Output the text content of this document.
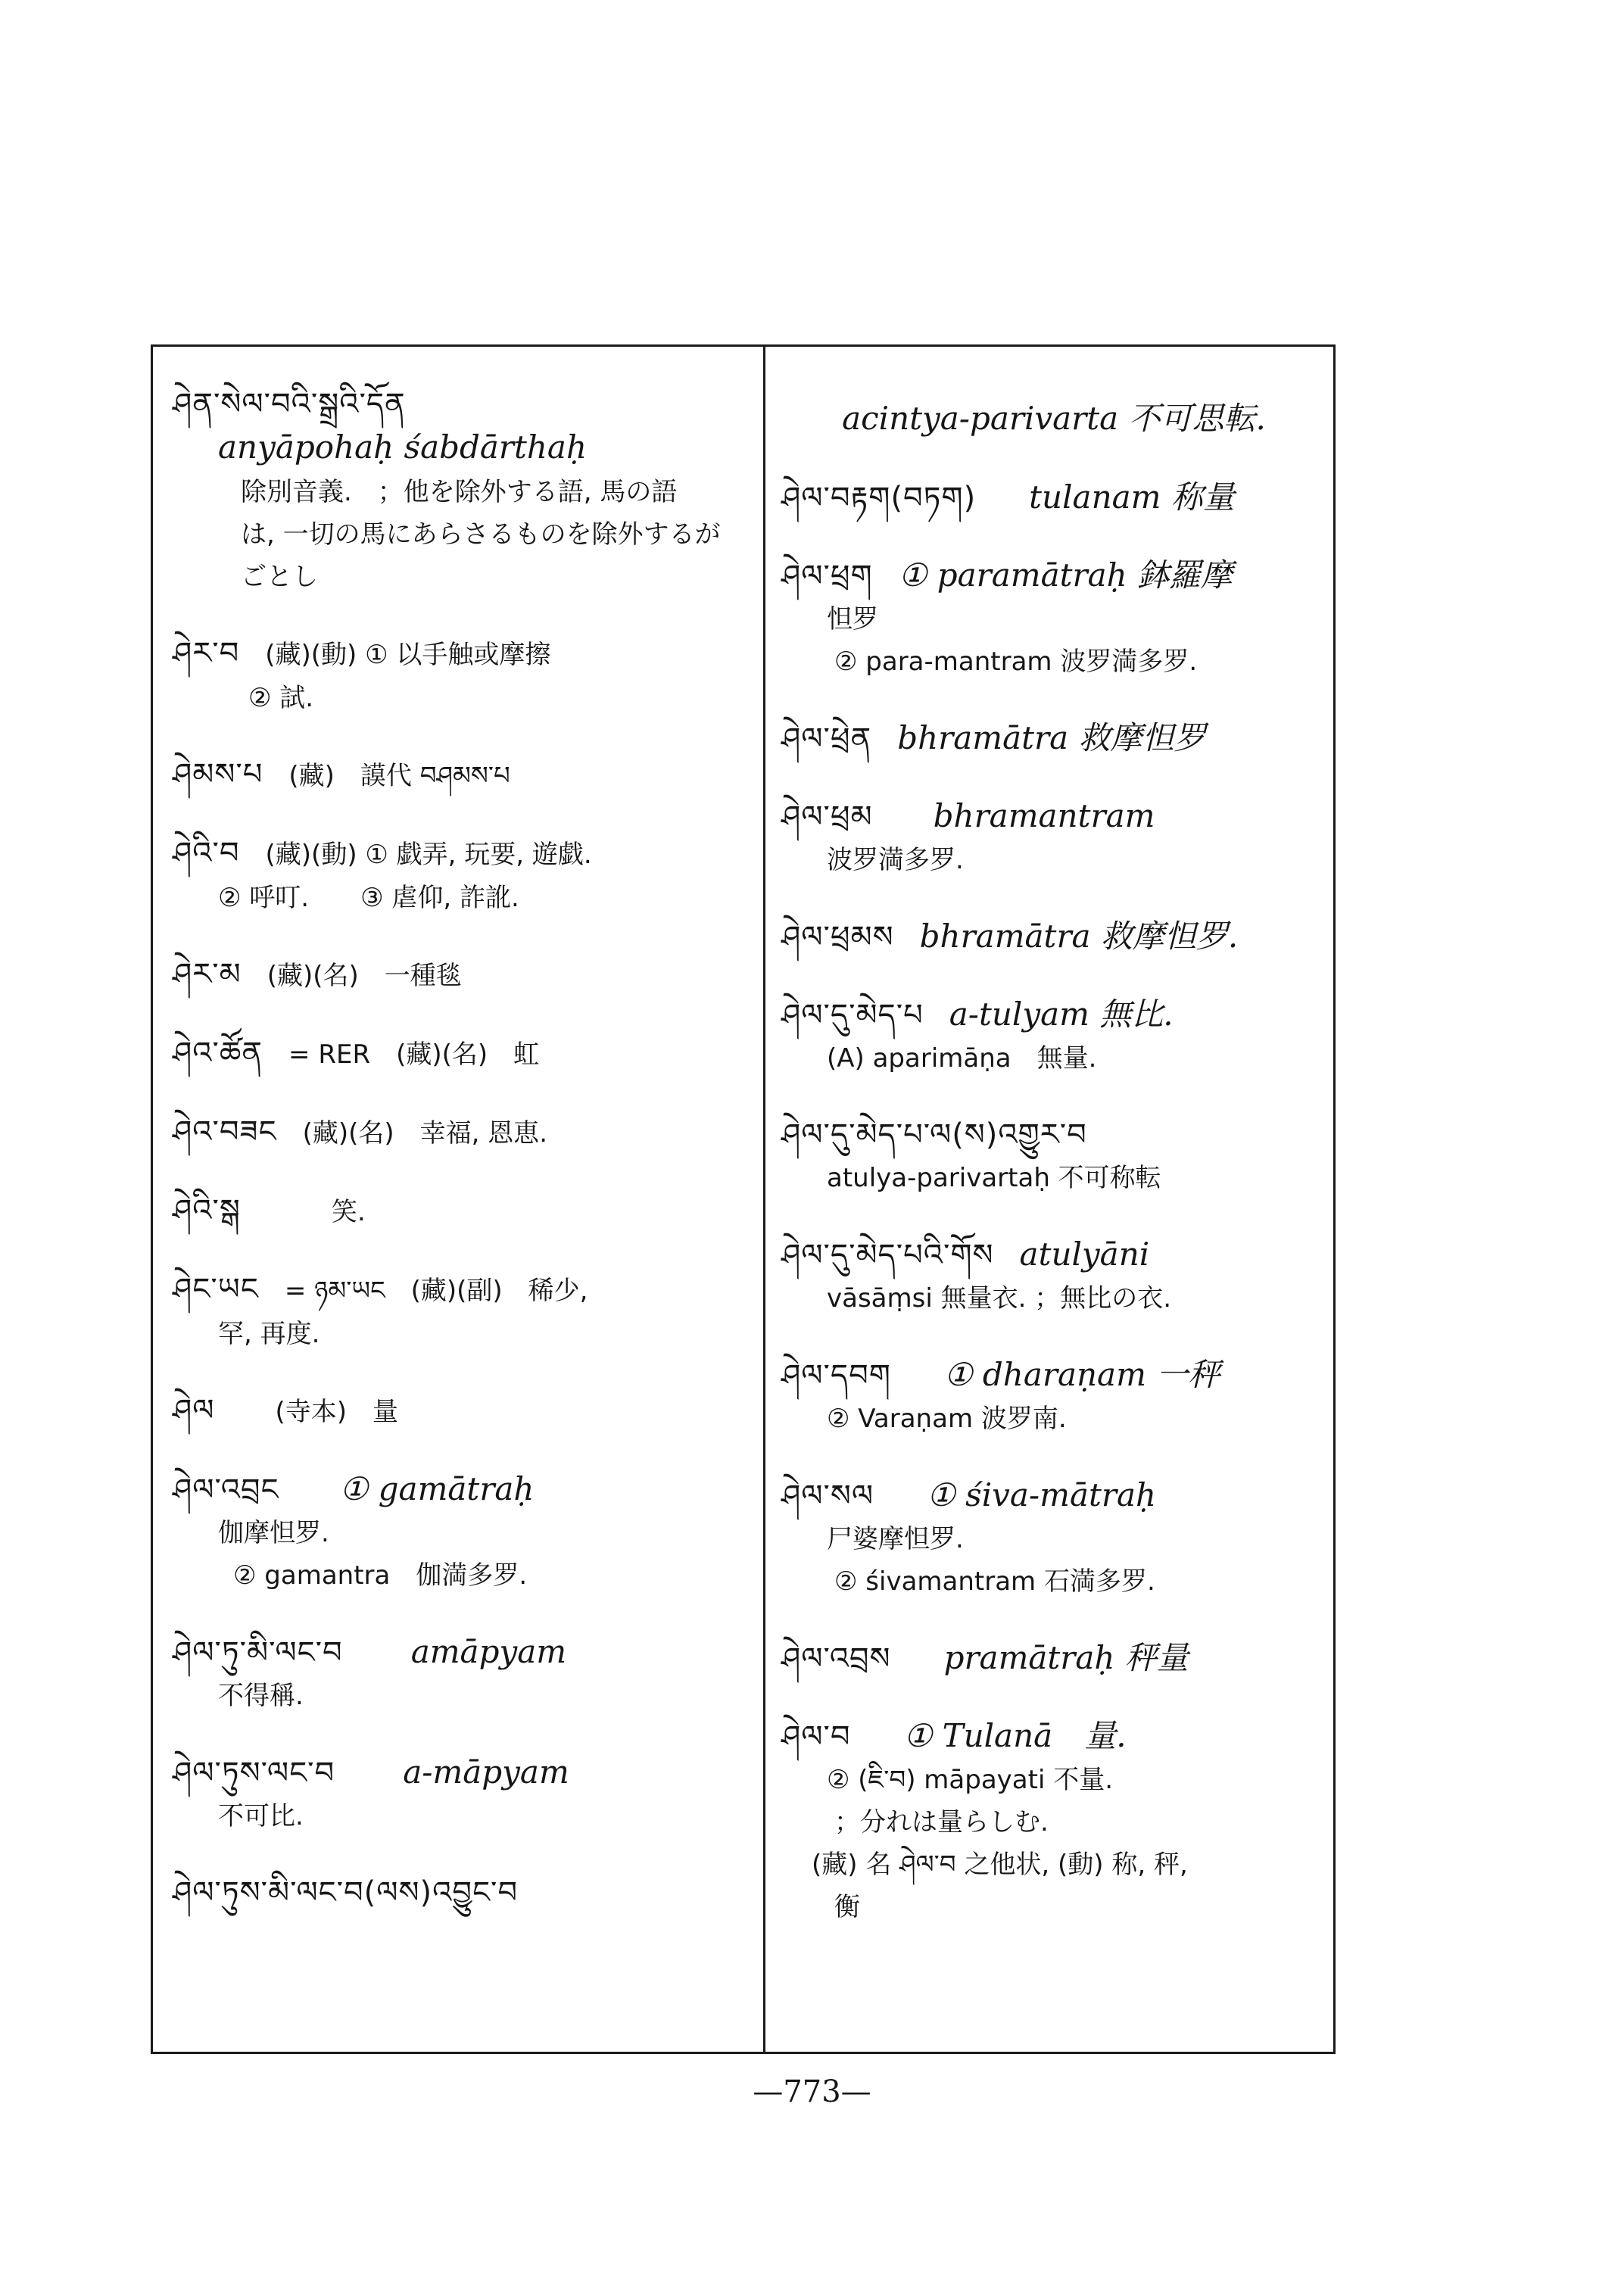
ཤེན་སེལ་བའི་སྒྲའི་དོན
anyāpohaḥ śabdārthaḥ
除別音義.　；他を除外する語, 馬の語
は, 一切の馬にあらさるものを除外するが
ごとし
ཤེར་བ (藏)(動) ① 以手触或摩擦
② 試.
ཤེམས་པ (藏)　謨代 བཤམས་པ
ཤེའི་བ (藏)(動) ① 戯弄, 玩要, 遊戯.
② 呼叮.　　③ 虐仰, 詐訛.
ཤེར་མ (藏)(名)　一種毯
ཤེའ་ཚོན = RER　(藏)(名)　虹
ཤེའ་བཟང (藏)(名)　幸福, 恩恵.
ཤེའི་སྒ	笑.
ཤེང་ཡང = ཉམ་ཡང　(藏)(副)　稀少,
罕, 再度.
ཤེལ (寺本)　量
ཤེལ་འབྲང ① gamātraḥ
伽摩怛罗.
② gamantra　伽満多罗.
ཤེལ་ཏུ་མི་ལང་བ amāpyam
不得稱.
ཤེལ་ཏུས་ལང་བ a-māpyam
不可比.
ཤེལ་ཏུས་མི་ལང་བ(ལས)འབྱུང་བ
acintya-parivarta 不可思転.
ཤེལ་བརྟག(བཏག) tulanam 称量
ཤེལ་ཕྲག ① paramātraḥ 鉢羅摩
怛罗
② para-mantram 波罗満多罗.
ཤེལ་ཕྲེན bhramātra 救摩怛罗
ཤེལ་ཕྲམ bhramantram
波罗満多罗.
ཤེལ་ཕྲམས bhramātra 救摩怛罗.
ཤེལ་དུ་མེད་པ a-tulyam 無比.
(A) aparimāṇa　無量.
ཤེལ་དུ་མེད་པ་ལ(ས)འགྱུར་བ
atulya-parivartaḥ 不可称転
ཤེལ་དུ་མེད་པའི་གོས atulyāni
vāsāṃsi 無量衣. ；無比の衣.
ཤེལ་དབག ① dharaṇam 一秤
② Varaṇam 波罗南.
ཤེལ་སལ ① śiva-mātraḥ
尸婆摩怛罗.
② śivamantram 石満多罗.
ཤེལ་འབྲས pramātraḥ 秤量
ཤེལ་བ ① Tulanā　量.
② (ཇི་བ) māpayati 不量.
；分れは量らしむ.
(藏) 名 ཤེལ་བ 之他状, (動) 称, 秤,
衡
—773—
